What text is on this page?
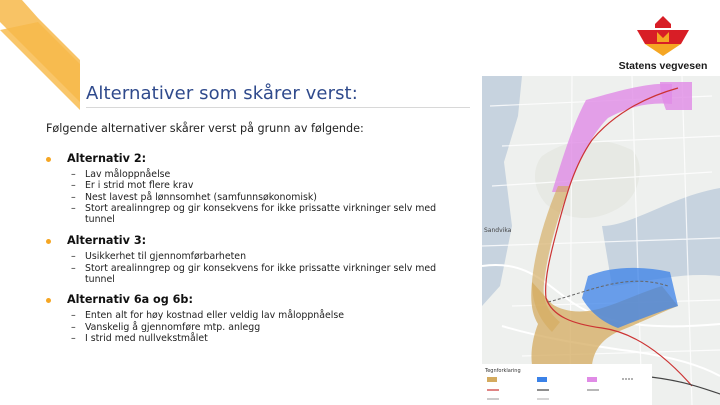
Alternativer som skårer verst:
Følgende alternativer skårer verst på grunn av følgende:
Alternativ 2:
– Lav måloppnåelse
– Er i strid mot flere krav
– Nest lavest på lønnsomhet (samfunnsøkonomisk)
– Stort arealinngrep og gir konsekvens for ikke prissatte virkninger selv med tunnel
Alternativ 3:
– Usikkerhet til gjennomførbarheten
– Stort arealinngrep og gir konsekvens for ikke prissatte virkninger selv med tunnel
Alternativ 6a og 6b:
– Enten alt for høy kostnad eller veldig lav måloppnåelse
– Vanskelig å gjennomføre mtp. anlegg
– I strid med nullvekstmålet
Statens vegvesen
Sandvika
Tegnforklaring
